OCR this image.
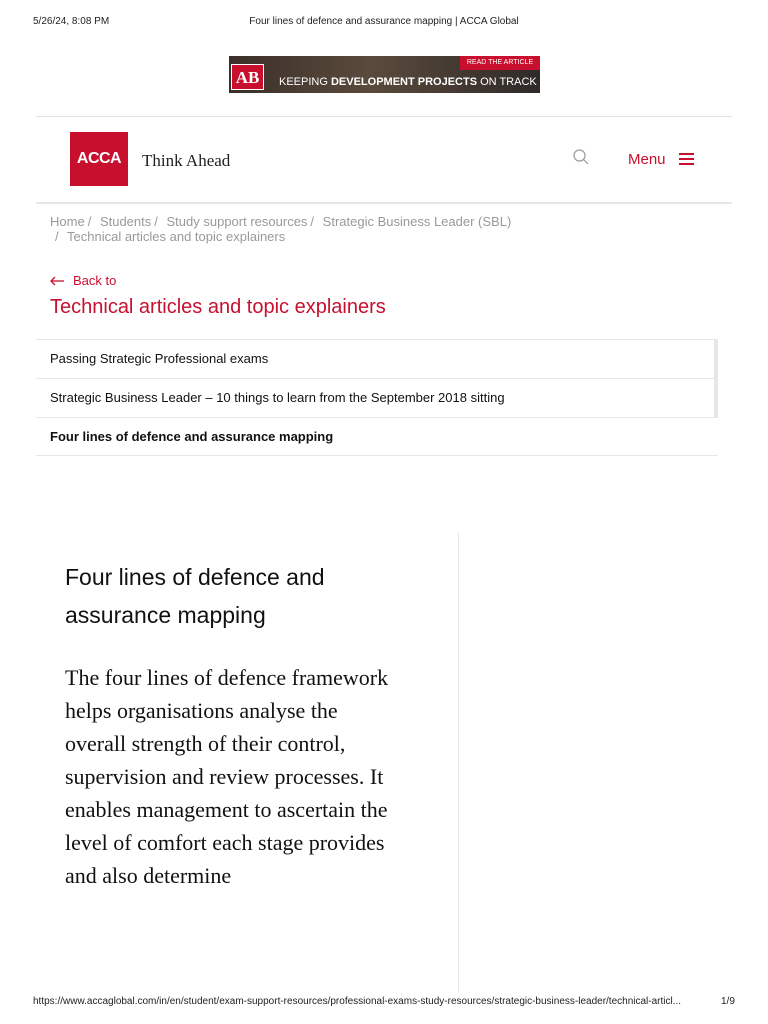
5/26/24, 8:08 PM	Four lines of defence and assurance mapping | ACCA Global
AB
READ THE ARTICLE
KEEPING DEVELOPMENT PROJECTS ON TRACK
ACCA	Think Ahead	Menu
Home / Students / Study support resources / Strategic Business Leader (SBL)
/ Technical articles and topic explainers
Back to
Technical articles and topic explainers
Passing Strategic Professional exams
Strategic Business Leader – 10 things to learn from the September 2018 sitting
Four lines of defence and assurance mapping
Four lines of defence and assurance mapping

The four lines of defence framework helps organisations analyse the overall strength of their control, supervision and review processes. It enables management to ascertain the level of comfort each stage provides and also determine

https://www.accaglobal.com/in/en/student/exam-support-resources/professional-exams-study-resources/strategic-business-leader/technical-articl...	1/9
